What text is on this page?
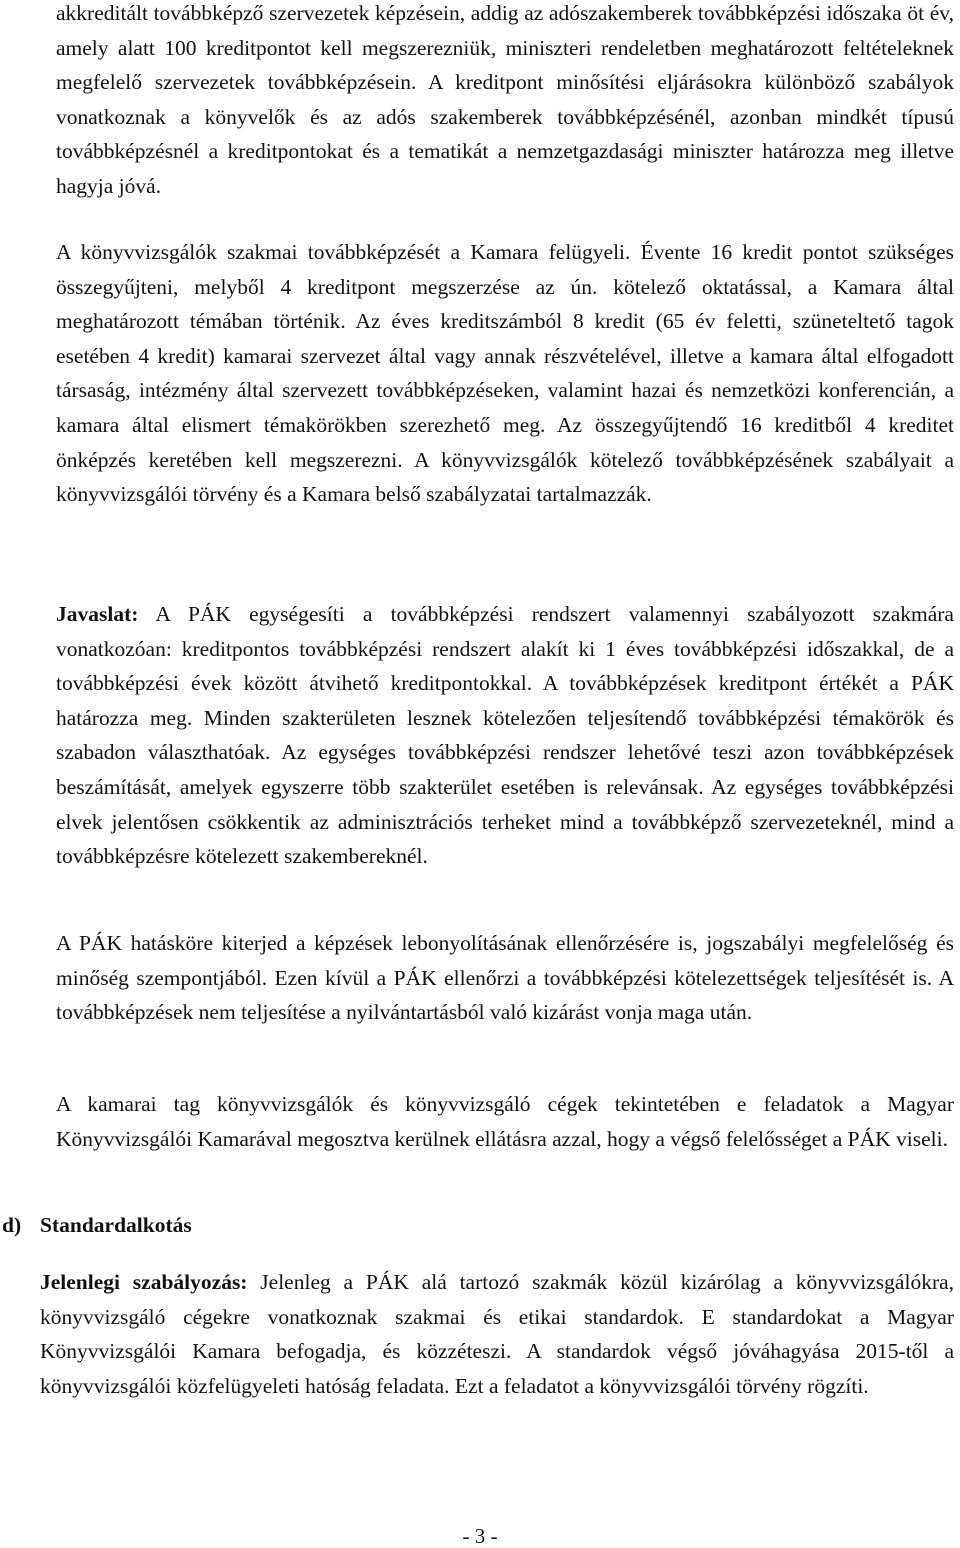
akkreditált továbbképző szervezetek képzésein, addig az adószakemberek továbbképzési időszaka öt év, amely alatt 100 kreditpontot kell megszerezniük, miniszteri rendeletben meghatározott feltételeknek megfelelő szervezetek továbbképzésein. A kreditpont minősítési eljárásokra különböző szabályok vonatkoznak a könyvelők és az adós szakemberek továbbképzésénél, azonban mindkét típusú továbbképzésnél a kreditpontokat és a tematikát a nemzetgazdasági miniszter határozza meg illetve hagyja jóvá.

A könyvvizsgálók szakmai továbbképzését a Kamara felügyeli. Évente 16 kredit pontot szükséges összegyűjteni, melyből 4 kreditpont megszerzése az ún. kötelező oktatással, a Kamara által meghatározott témában történik. Az éves kreditszámból 8 kredit (65 év feletti, szüneteltető tagok esetében 4 kredit) kamarai szervezet által vagy annak részvételével, illetve a kamara által elfogadott társaság, intézmény által szervezett továbbképzéseken, valamint hazai és nemzetközi konferencián, a kamara által elismert témakörökben szerezhető meg. Az összegyűjtendő 16 kreditből 4 kreditet önképzés keretében kell megszerezni. A könyvvizsgálók kötelező továbbképzésének szabályait a könyvvizsgálói törvény és a Kamara belső szabályzatai tartalmazzák.

Javaslat: A PÁK egységesíti a továbbképzési rendszert valamennyi szabályozott szakmára vonatkozóan: kreditpontos továbbképzési rendszert alakít ki 1 éves továbbképzési időszakkal, de a továbbképzési évek között átvihető kreditpontokkal. A továbbképzések kreditpont értékét a PÁK határozza meg. Minden szakterületen lesznek kötelezően teljesítendő továbbképzési témakörök és szabadon választhatóak. Az egységes továbbképzési rendszer lehetővé teszi azon továbbképzések beszámítását, amelyek egyszerre több szakterület esetében is relevánsak. Az egységes továbbképzési elvek jelentősen csökkentik az adminisztrációs terheket mind a továbbképző szervezeteknél, mind a továbbképzésre kötelezett szakembereknél.

A PÁK hatásköre kiterjed a képzések lebonyolításának ellenőrzésére is, jogszabályi megfelelőség és minőség szempontjából. Ezen kívül a PÁK ellenőrzi a továbbképzési kötelezettségek teljesítését is. A továbbképzések nem teljesítése a nyilvántartásból való kizárást vonja maga után.

A kamarai tag könyvvizsgálók és könyvvizsgáló cégek tekintetében e feladatok a Magyar Könyvvizsgálói Kamarával megosztva kerülnek ellátásra azzal, hogy a végső felelősséget a PÁK viseli.

d) Standardalkotás

Jelenlegi szabályozás: Jelenleg a PÁK alá tartozó szakmák közül kizárólag a könyvvizsgálókra, könyvvizsgáló cégekre vonatkoznak szakmai és etikai standardok. E standardokat a Magyar Könyvvizsgálói Kamara befogadja, és közzéteszi. A standardok végső jóváhagyása 2015-től a könyvvizsgálói közfelügyeleti hatóság feladata. Ezt a feladatot a könyvvizsgálói törvény rögzíti.

- 3 -
